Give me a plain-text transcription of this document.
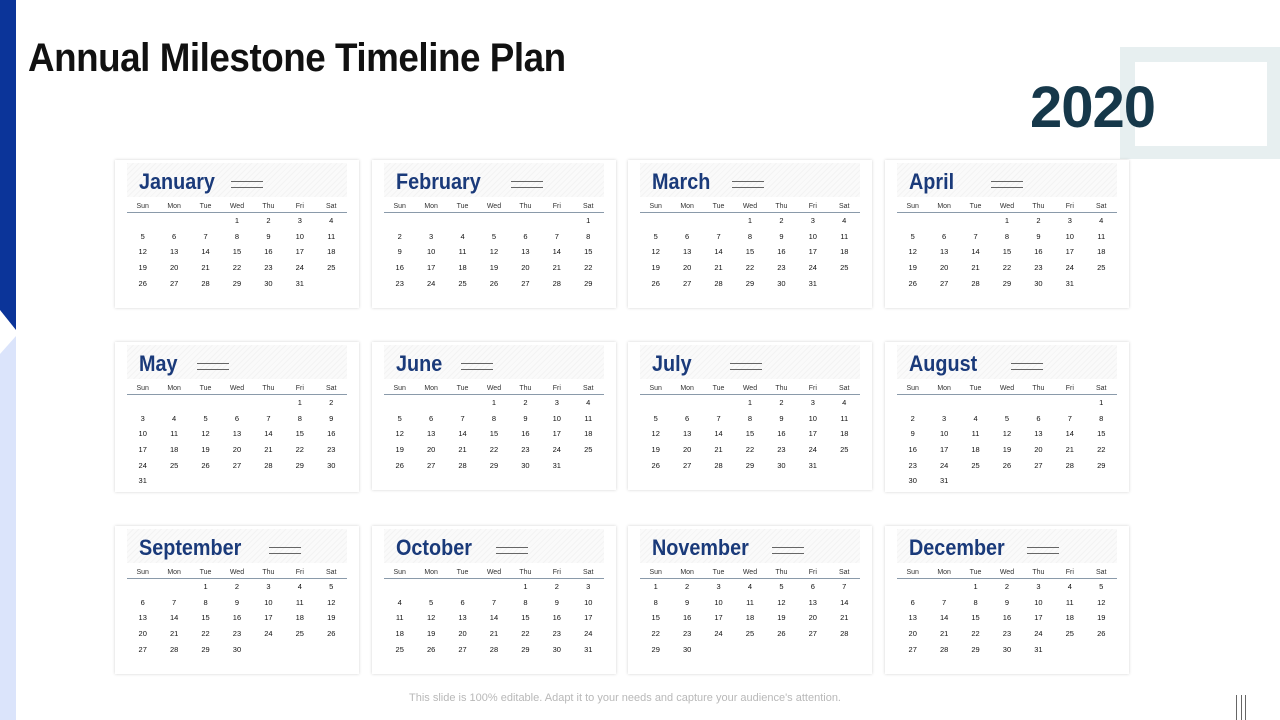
Annual Milestone Timeline Plan
2020
January
Sun	Mon	Tue	Wed	Thu	Fri	Sat
			1	2	3	4
5	6	7	8	9	10	11
12	13	14	15	16	17	18
19	20	21	22	23	24	25
26	27	28	29	30	31	
February
Sun	Mon	Tue	Wed	Thu	Fri	Sat
						1
2	3	4	5	6	7	8
9	10	11	12	13	14	15
16	17	18	19	20	21	22
23	24	25	26	27	28	29
March
Sun	Mon	Tue	Wed	Thu	Fri	Sat
			1	2	3	4
5	6	7	8	9	10	11
12	13	14	15	16	17	18
19	20	21	22	23	24	25
26	27	28	29	30	31	
April
Sun	Mon	Tue	Wed	Thu	Fri	Sat
			1	2	3	4
5	6	7	8	9	10	11
12	13	14	15	16	17	18
19	20	21	22	23	24	25
26	27	28	29	30	31	
May
Sun	Mon	Tue	Wed	Thu	Fri	Sat
					1	2
3	4	5	6	7	8	9
10	11	12	13	14	15	16
17	18	19	20	21	22	23
24	25	26	27	28	29	30
31						
June
Sun	Mon	Tue	Wed	Thu	Fri	Sat
			1	2	3	4
5	6	7	8	9	10	11
12	13	14	15	16	17	18
19	20	21	22	23	24	25
26	27	28	29	30	31	
July
Sun	Mon	Tue	Wed	Thu	Fri	Sat
			1	2	3	4
5	6	7	8	9	10	11
12	13	14	15	16	17	18
19	20	21	22	23	24	25
26	27	28	29	30	31	
August
Sun	Mon	Tue	Wed	Thu	Fri	Sat
						1
2	3	4	5	6	7	8
9	10	11	12	13	14	15
16	17	18	19	20	21	22
23	24	25	26	27	28	29
30	31					
September
Sun	Mon	Tue	Wed	Thu	Fri	Sat
		1	2	3	4	5
6	7	8	9	10	11	12
13	14	15	16	17	18	19
20	21	22	23	24	25	26
27	28	29	30			
October
Sun	Mon	Tue	Wed	Thu	Fri	Sat
				1	2	3
4	5	6	7	8	9	10
11	12	13	14	15	16	17
18	19	20	21	22	23	24
25	26	27	28	29	30	31
November
Sun	Mon	Tue	Wed	Thu	Fri	Sat
1	2	3	4	5	6	7
8	9	10	11	12	13	14
15	16	17	18	19	20	21
22	23	24	25	26	27	28
29	30					
December
Sun	Mon	Tue	Wed	Thu	Fri	Sat
		1	2	3	4	5
6	7	8	9	10	11	12
13	14	15	16	17	18	19
20	21	22	23	24	25	26
27	28	29	30	31		
This slide is 100% editable. Adapt it to your needs and capture your audience's attention.
